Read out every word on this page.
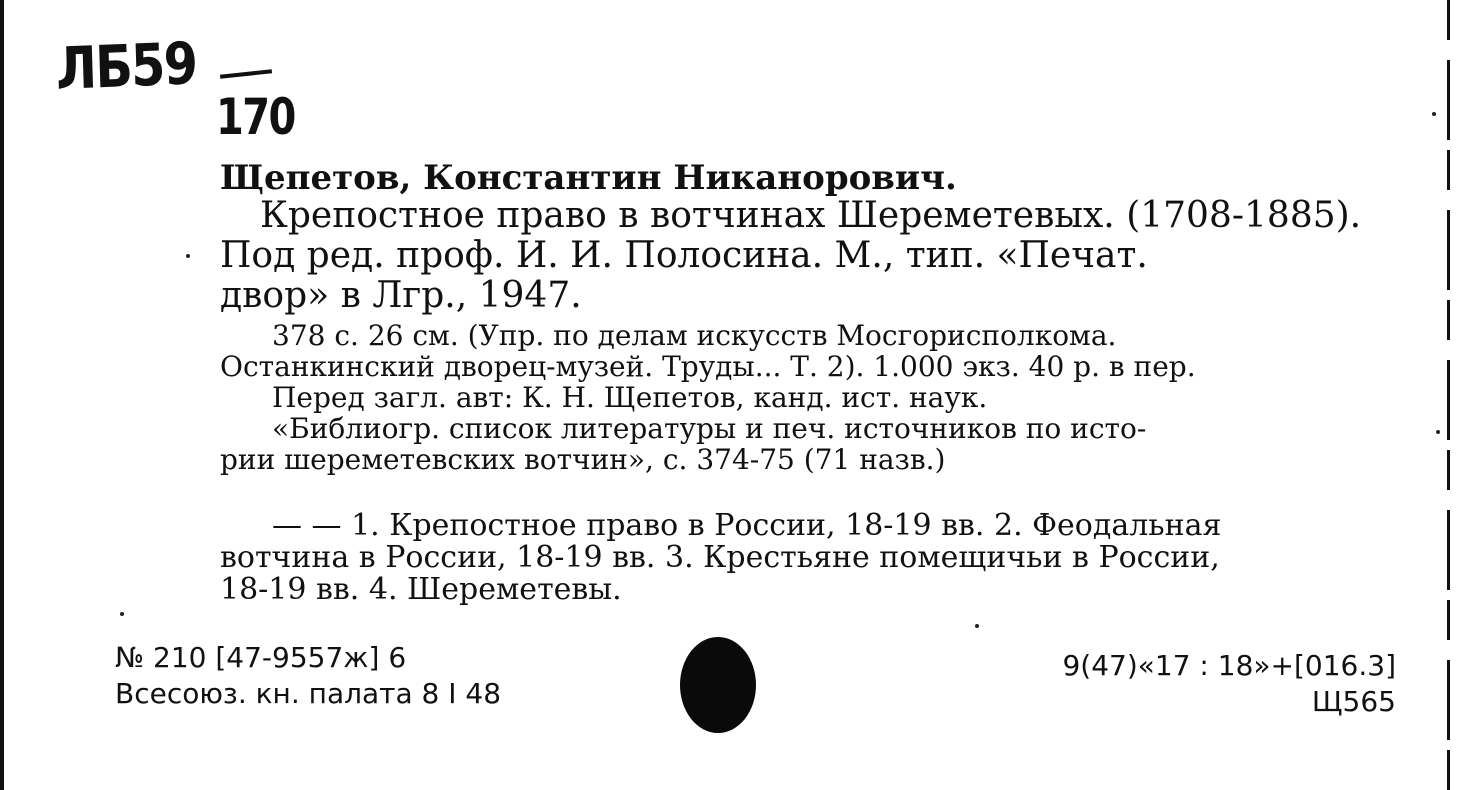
ЛБ59
170
Щепетов, Константин Никанорович.
Крепостное право в вотчинах Шереметевых. (1708-1885).
Под ред. проф. И. И. Полосина. М., тип. «Печат.
двор» в Лгр., 1947.
378 с. 26 см. (Упр. по делам искусств Мосгорисполкома.
Останкинский дворец-музей. Труды... Т. 2). 1.000 экз. 40 р. в пер.
Перед загл. авт: К. Н. Щепетов, канд. ист. наук.
«Библиогр. список литературы и печ. источников по исто-
рии шереметевских вотчин», с. 374-75 (71 назв.)
— — 1. Крепостное право в России, 18-19 вв. 2. Феодальная
вотчина в России, 18-19 вв. 3. Крестьяне помещичьи в России,
18-19 вв. 4. Шереметевы.
№ 210 [47-9557ж] 6
Всесоюз. кн. палата 8 I 48
9(47)«17 : 18»+[016.3]
Щ565
